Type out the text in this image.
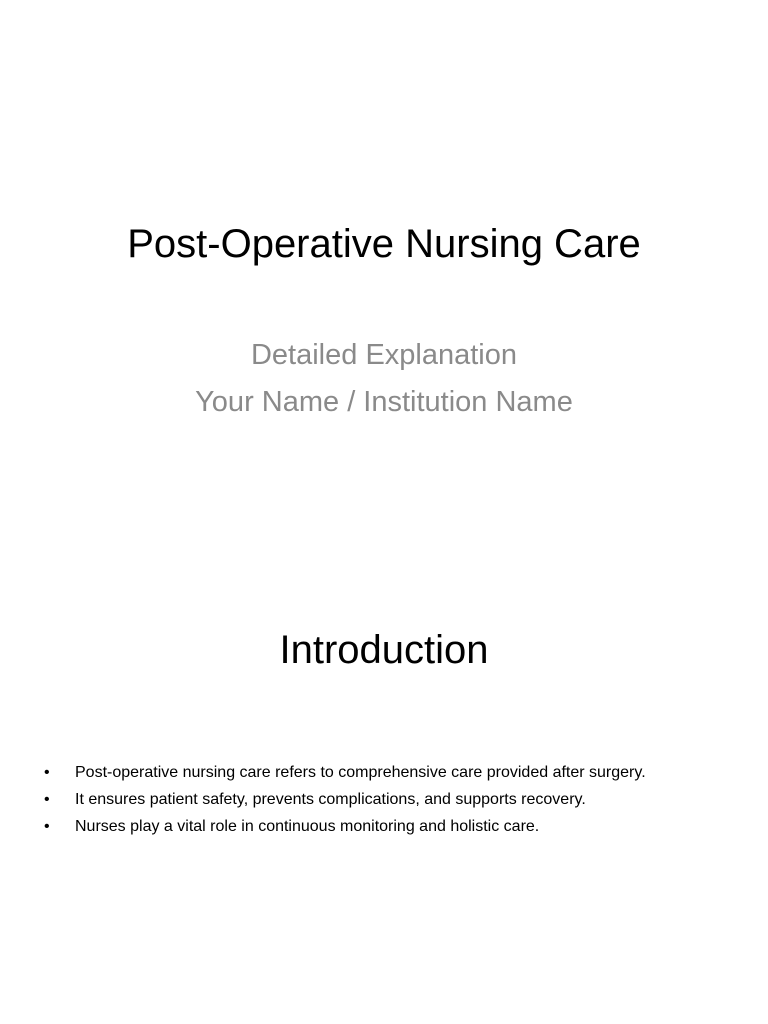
Post-Operative Nursing Care
Detailed Explanation
Your Name / Institution Name
Introduction
•	Post-operative nursing care refers to comprehensive care provided after surgery.
•	It ensures patient safety, prevents complications, and supports recovery.
•	Nurses play a vital role in continuous monitoring and holistic care.
